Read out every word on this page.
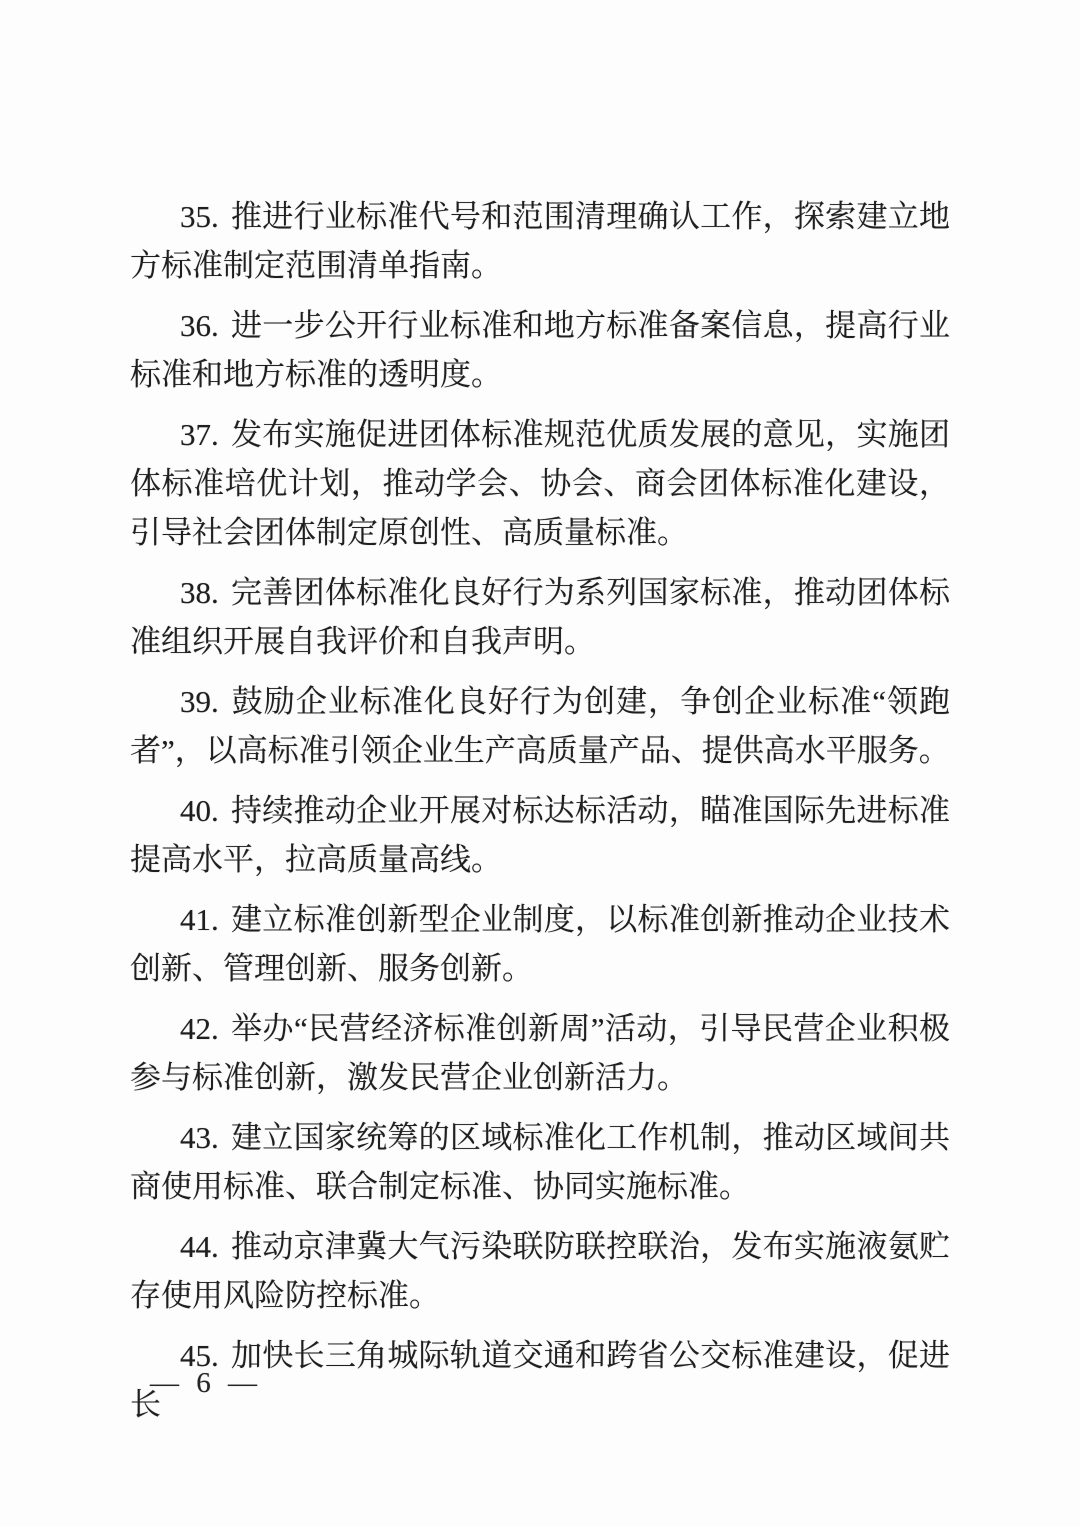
35. 推进行业标准代号和范围清理确认工作，探索建立地方标准制定范围清单指南。

36. 进一步公开行业标准和地方标准备案信息，提高行业标准和地方标准的透明度。

37. 发布实施促进团体标准规范优质发展的意见，实施团体标准培优计划，推动学会、协会、商会团体标准化建设，引导社会团体制定原创性、高质量标准。

38. 完善团体标准化良好行为系列国家标准，推动团体标准组织开展自我评价和自我声明。

39. 鼓励企业标准化良好行为创建，争创企业标准“领跑者”，以高标准引领企业生产高质量产品、提供高水平服务。

40. 持续推动企业开展对标达标活动，瞄准国际先进标准提高水平，拉高质量高线。

41. 建立标准创新型企业制度，以标准创新推动企业技术创新、管理创新、服务创新。

42. 举办“民营经济标准创新周”活动，引导民营企业积极参与标准创新，激发民营企业创新活力。

43. 建立国家统筹的区域标准化工作机制，推动区域间共商使用标准、联合制定标准、协同实施标准。

44. 推动京津冀大气污染联防联控联治，发布实施液氨贮存使用风险防控标准。

45. 加快长三角城际轨道交通和跨省公交标准建设，促进长

— 6 —
